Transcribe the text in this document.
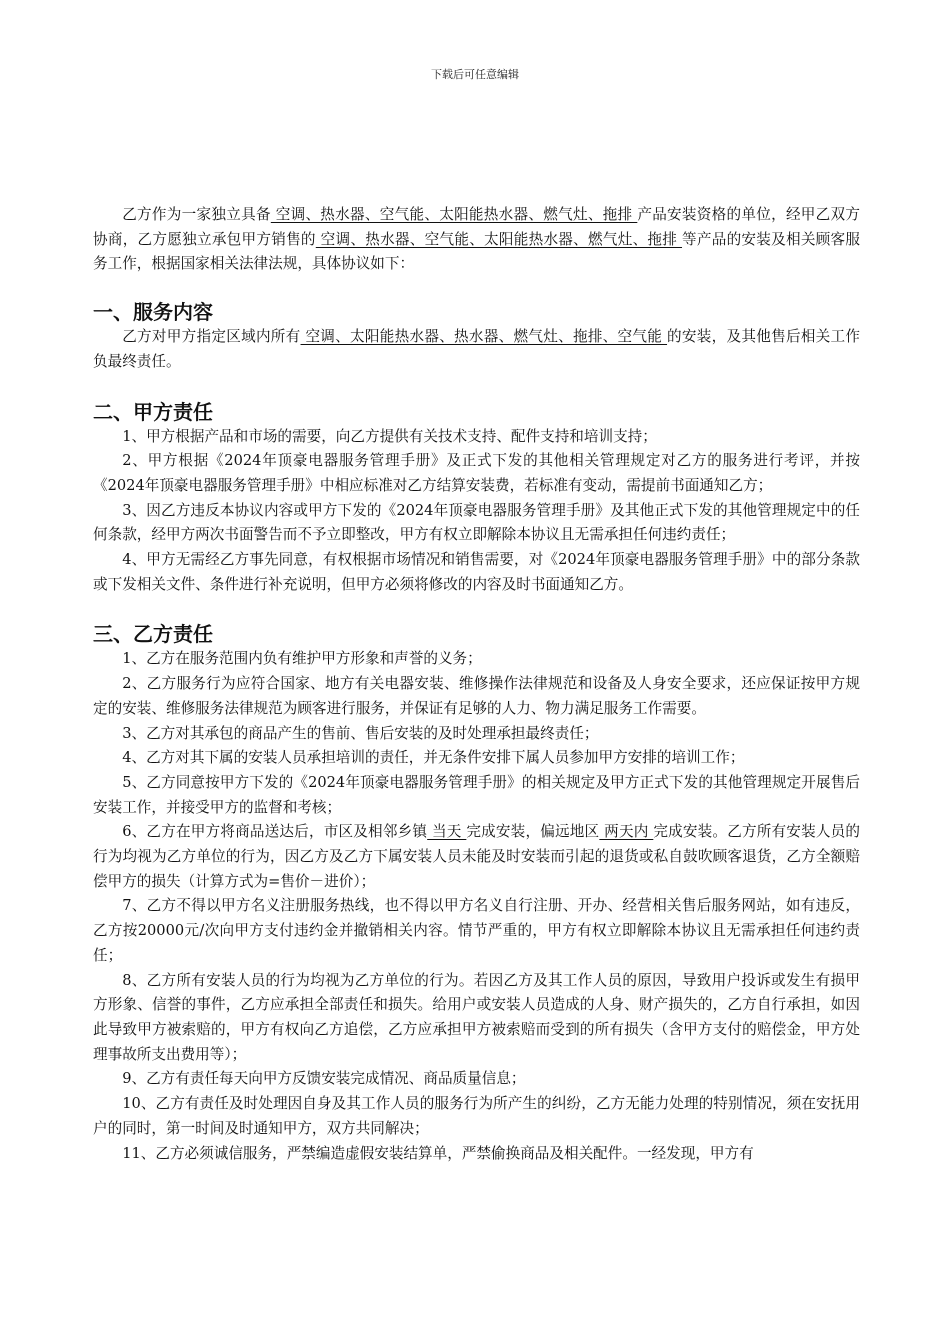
下载后可任意编辑

乙方作为一家独立具备 空调、热水器、空气能、太阳能热水器、燃气灶、拖排 产品安装资格的单位，经甲乙双方协商，乙方愿独立承包甲方销售的 空调、热水器、空气能、太阳能热水器、燃气灶、拖排 等产品的安装及相关顾客服务工作，根据国家相关法律法规，具体协议如下：

一、服务内容

乙方对甲方指定区域内所有 空调、太阳能热水器、热水器、燃气灶、拖排、空气能 的安装，及其他售后相关工作负最终责任。

二、甲方责任

1、甲方根据产品和市场的需要，向乙方提供有关技术支持、配件支持和培训支持；

2、甲方根据《2024年顶豪电器服务管理手册》及正式下发的其他相关管理规定对乙方的服务进行考评，并按《2024年顶豪电器服务管理手册》中相应标准对乙方结算安装费，若标准有变动，需提前书面通知乙方；

3、因乙方违反本协议内容或甲方下发的《2024年顶豪电器服务管理手册》及其他正式下发的其他管理规定中的任何条款，经甲方两次书面警告而不予立即整改，甲方有权立即解除本协议且无需承担任何违约责任；

4、甲方无需经乙方事先同意，有权根据市场情况和销售需要，对《2024年顶豪电器服务管理手册》中的部分条款或下发相关文件、条件进行补充说明，但甲方必须将修改的内容及时书面通知乙方。

三、乙方责任

1、乙方在服务范围内负有维护甲方形象和声誉的义务；

2、乙方服务行为应符合国家、地方有关电器安装、维修操作法律规范和设备及人身安全要求，还应保证按甲方规定的安装、维修服务法律规范为顾客进行服务，并保证有足够的人力、物力满足服务工作需要。

3、乙方对其承包的商品产生的售前、售后安装的及时处理承担最终责任；

4、乙方对其下属的安装人员承担培训的责任，并无条件安排下属人员参加甲方安排的培训工作；

5、乙方同意按甲方下发的《2024年顶豪电器服务管理手册》的相关规定及甲方正式下发的其他管理规定开展售后安装工作，并接受甲方的监督和考核；

6、乙方在甲方将商品送达后，市区及相邻乡镇 当天 完成安装，偏远地区 两天内 完成安装。乙方所有安装人员的行为均视为乙方单位的行为，因乙方及乙方下属安装人员未能及时安装而引起的退货或私自鼓吹顾客退货，乙方全额赔偿甲方的损失（计算方式为=售价－进价）；

7、乙方不得以甲方名义注册服务热线，也不得以甲方名义自行注册、开办、经营相关售后服务网站，如有违反，乙方按20000元/次向甲方支付违约金并撤销相关内容。情节严重的，甲方有权立即解除本协议且无需承担任何违约责任；

8、乙方所有安装人员的行为均视为乙方单位的行为。若因乙方及其工作人员的原因，导致用户投诉或发生有损甲方形象、信誉的事件，乙方应承担全部责任和损失。给用户或安装人员造成的人身、财产损失的，乙方自行承担，如因此导致甲方被索赔的，甲方有权向乙方追偿，乙方应承担甲方被索赔而受到的所有损失（含甲方支付的赔偿金，甲方处理事故所支出费用等）；

9、乙方有责任每天向甲方反馈安装完成情况、商品质量信息；

10、乙方有责任及时处理因自身及其工作人员的服务行为所产生的纠纷，乙方无能力处理的特别情况，须在安抚用户的同时，第一时间及时通知甲方，双方共同解决；

11、乙方必须诚信服务，严禁编造虚假安装结算单，严禁偷换商品及相关配件。一经发现，甲方有
